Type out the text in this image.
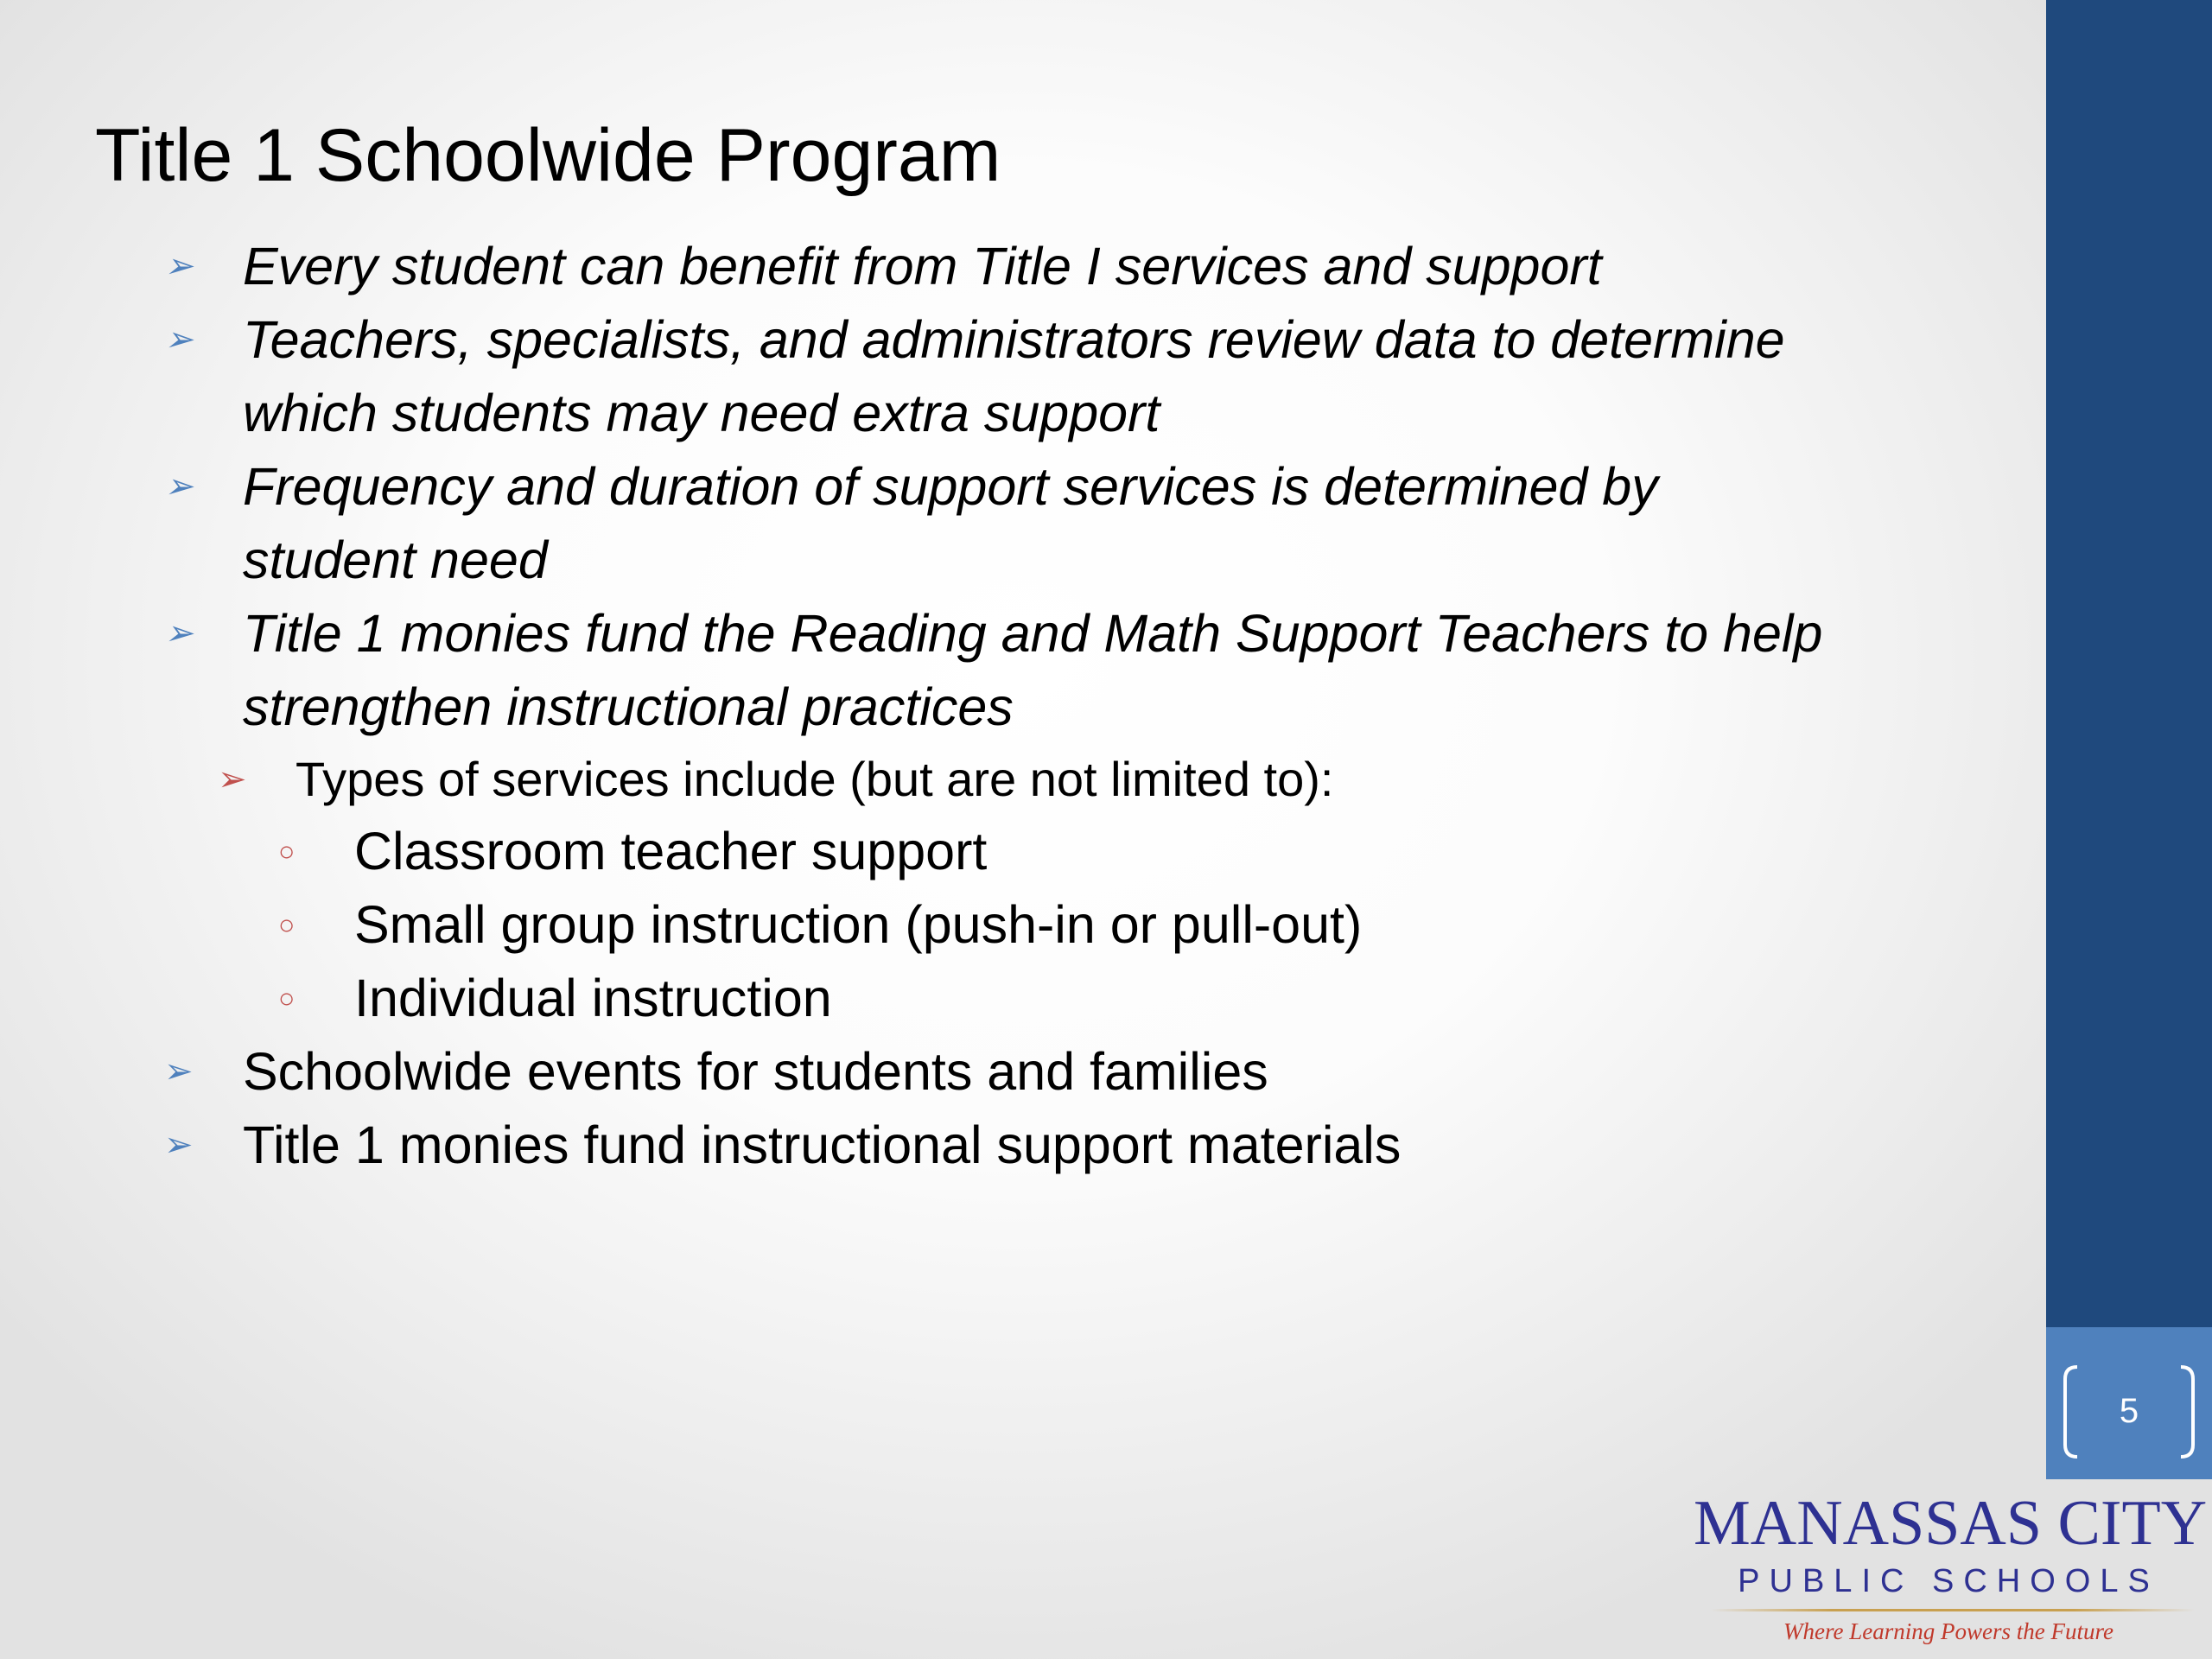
5
Title 1 Schoolwide Program
➢ Every student can benefit from Title I services and support
➢ Teachers, specialists, and administrators review data to determine
which students may need extra support
➢ Frequency and duration of support services is determined by
student need
➢ Title 1 monies fund the Reading and Math Support Teachers to help
strengthen instructional practices
➢ Types of services include (but are not limited to):
○ Classroom teacher support
○ Small group instruction (push-in or pull-out)
○ Individual instruction
➢ Schoolwide events for students and families
➢ Title 1 monies fund instructional support materials
MANASSAS CITY
PUBLIC SCHOOLS
Where Learning Powers the Future
